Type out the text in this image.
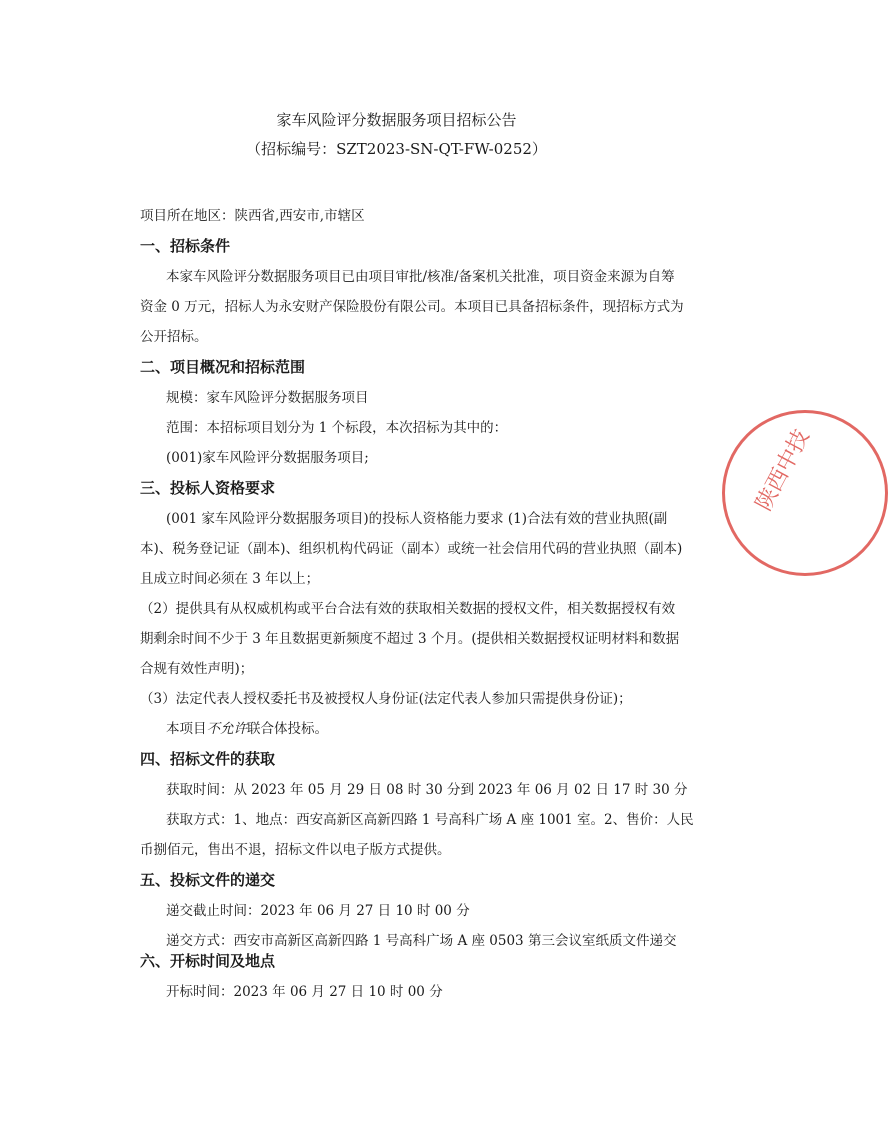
家车风险评分数据服务项目招标公告
（招标编号：SZT2023-SN-QT-FW-0252）
项目所在地区：陕西省,西安市,市辖区
一、招标条件
本家车风险评分数据服务项目已由项目审批/核准/备案机关批准，项目资金来源为自筹
资金 0 万元，招标人为永安财产保险股份有限公司。本项目已具备招标条件，现招标方式为
公开招标。
二、项目概况和招标范围
规模：家车风险评分数据服务项目
范围：本招标项目划分为 1 个标段，本次招标为其中的：
(001)家车风险评分数据服务项目;
三、投标人资格要求
(001 家车风险评分数据服务项目)的投标人资格能力要求 (1)合法有效的营业执照(副
本)、税务登记证（副本)、组织机构代码证（副本）或统一社会信用代码的营业执照（副本)
且成立时间必须在 3 年以上；
（2）提供具有从权威机构或平台合法有效的获取相关数据的授权文件，相关数据授权有效
期剩余时间不少于 3 年且数据更新频度不超过 3 个月。(提供相关数据授权证明材料和数据
合规有效性声明)；
（3）法定代表人授权委托书及被授权人身份证(法定代表人参加只需提供身份证)；
本项目不允许联合体投标。
四、招标文件的获取
获取时间：从 2023 年 05 月 29 日 08 时 30 分到 2023 年 06 月 02 日 17 时 30 分
获取方式：1、地点：西安高新区高新四路 1 号高科广场 A 座 1001 室。2、售价：人民
币捌佰元，售出不退，招标文件以电子版方式提供。
五、投标文件的递交
递交截止时间：2023 年 06 月 27 日 10 时 00 分
递交方式：西安市高新区高新四路 1 号高科广场 A 座 0503 第三会议室纸质文件递交
六、开标时间及地点
开标时间：2023 年 06 月 27 日 10 时 00 分
陕西中技
